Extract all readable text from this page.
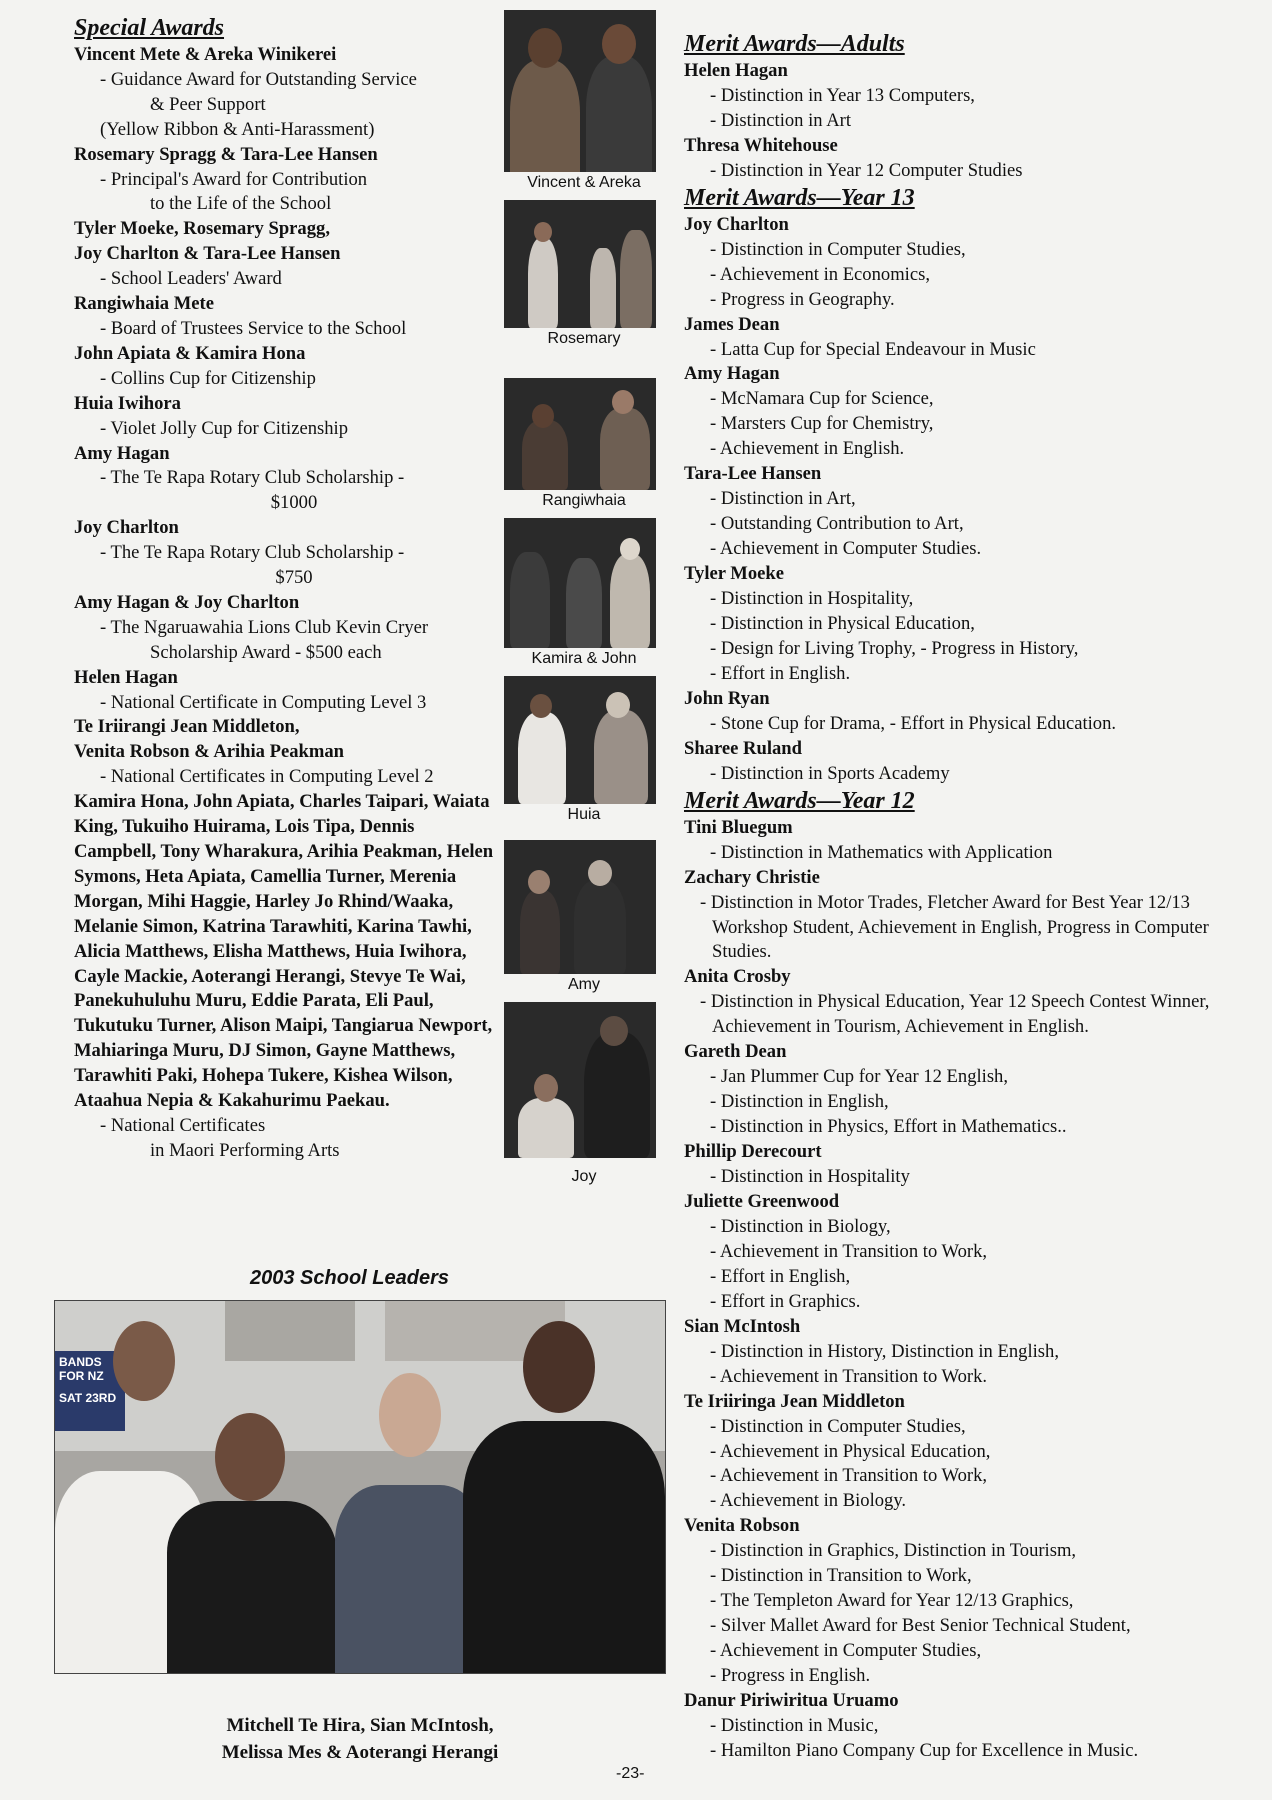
Special Awards
Vincent Mete & Areka Winikerei
- Guidance Award for Outstanding Service
& Peer Support
(Yellow Ribbon & Anti-Harassment)
Rosemary Spragg & Tara-Lee Hansen
- Principal's Award for Contribution
to the Life of the School
Tyler Moeke, Rosemary Spragg,
Joy Charlton & Tara-Lee Hansen
- School Leaders' Award
Rangiwhaia Mete
- Board of Trustees Service to the School
John Apiata & Kamira Hona
- Collins Cup for Citizenship
Huia Iwihora
- Violet Jolly Cup for Citizenship
Amy Hagan
- The Te Rapa Rotary Club Scholarship -
$1000
Joy Charlton
- The Te Rapa Rotary Club Scholarship -
$750
Amy Hagan & Joy Charlton
- The Ngaruawahia Lions Club Kevin Cryer
Scholarship Award - $500 each
Helen Hagan
- National Certificate in Computing Level 3
Te Iriirangi Jean Middleton,
Venita Robson & Arihia Peakman
- National Certificates in Computing Level 2
Kamira Hona, John Apiata, Charles Taipari, Waiata King, Tukuiho Huirama, Lois Tipa, Dennis Campbell, Tony Wharakura, Arihia Peakman, Helen Symons, Heta Apiata, Camellia Turner, Merenia Morgan, Mihi Haggie, Harley Jo Rhind/Waaka, Melanie Simon, Katrina Tarawhiti, Karina Tawhi, Alicia Matthews, Elisha Matthews, Huia Iwihora, Cayle Mackie, Aoterangi Herangi, Stevye Te Wai, Panekuhuluhu Muru, Eddie Parata, Eli Paul, Tukutuku Turner, Alison Maipi, Tangiarua Newport, Mahiaringa Muru, DJ Simon, Gayne Matthews, Tarawhiti Paki, Hohepa Tukere, Kishea Wilson, Ataahua Nepia & Kakahurimu Paekau.
- National Certificates
in Maori Performing Arts
Vincent & Areka
Rosemary
Rangiwhaia
Kamira & John
Huia
Amy
Joy
2003 School Leaders
BANDS FOR NZ
SAT 23RD
Mitchell Te Hira, Sian McIntosh,
Melissa Mes & Aoterangi Herangi
Merit Awards—Adults
Helen Hagan
- Distinction in Year 13 Computers,
- Distinction in Art
Thresa Whitehouse
- Distinction in Year 12 Computer Studies
Merit Awards—Year 13
Joy Charlton
- Distinction in Computer Studies,
- Achievement in Economics,
- Progress in Geography.
James Dean
- Latta Cup for Special Endeavour in Music
Amy Hagan
- McNamara Cup for Science,
- Marsters Cup for Chemistry,
- Achievement in English.
Tara-Lee Hansen
- Distinction in Art,
- Outstanding Contribution to Art,
- Achievement in Computer Studies.
Tyler Moeke
- Distinction in Hospitality,
- Distinction in Physical Education,
- Design for Living Trophy, - Progress in History,
- Effort in English.
John Ryan
- Stone Cup for Drama, - Effort in Physical Education.
Sharee Ruland
- Distinction in Sports Academy
Merit Awards—Year 12
Tini Bluegum
- Distinction in Mathematics with Application
Zachary Christie
- Distinction in Motor Trades, Fletcher Award for Best Year 12/13 Workshop Student, Achievement in English, Progress in Computer Studies.
Anita Crosby
- Distinction in Physical Education, Year 12 Speech Contest Winner, Achievement in Tourism, Achievement in English.
Gareth Dean
- Jan Plummer Cup for Year 12 English,
- Distinction in English,
- Distinction in Physics, Effort in Mathematics..
Phillip Derecourt
- Distinction in Hospitality
Juliette Greenwood
- Distinction in Biology,
- Achievement in Transition to Work,
- Effort in English,
- Effort in Graphics.
Sian McIntosh
- Distinction in History, Distinction in English,
- Achievement in Transition to Work.
Te Iriiringa Jean Middleton
- Distinction in Computer Studies,
- Achievement in Physical Education,
- Achievement in Transition to Work,
- Achievement in Biology.
Venita Robson
- Distinction in Graphics, Distinction in Tourism,
- Distinction in Transition to Work,
- The Templeton Award for Year 12/13 Graphics,
- Silver Mallet Award for Best Senior Technical Student,
- Achievement in Computer Studies,
- Progress in English.
Danur Piriwiritua Uruamo
- Distinction in Music,
- Hamilton Piano Company Cup for Excellence in Music.
-23-
